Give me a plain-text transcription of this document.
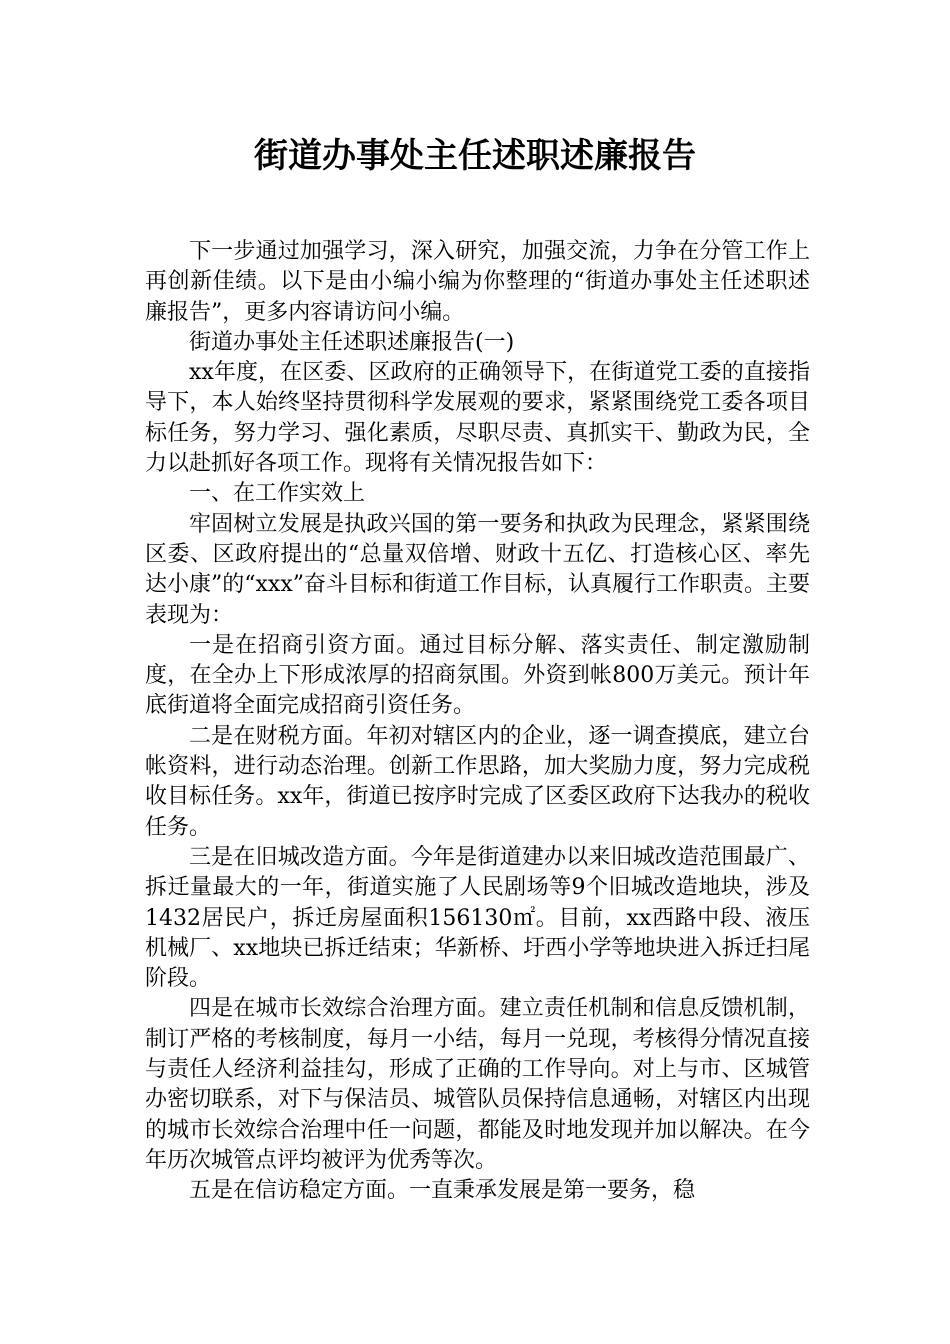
街道办事处主任述职述廉报告

下一步通过加强学习，深入研究，加强交流，力争在分管工作上再创新佳绩。以下是由小编小编为你整理的“街道办事处主任述职述廉报告”，更多内容请访问小编。

街道办事处主任述职述廉报告(一)

xx年度，在区委、区政府的正确领导下，在街道党工委的直接指导下，本人始终坚持贯彻科学发展观的要求，紧紧围绕党工委各项目标任务，努力学习、强化素质，尽职尽责、真抓实干、勤政为民，全力以赴抓好各项工作。现将有关情况报告如下：

一、在工作实效上

牢固树立发展是执政兴国的第一要务和执政为民理念，紧紧围绕区委、区政府提出的“总量双倍增、财政十五亿、打造核心区、率先达小康”的“xxx”奋斗目标和街道工作目标，认真履行工作职责。主要表现为：

一是在招商引资方面。通过目标分解、落实责任、制定激励制度，在全办上下形成浓厚的招商氛围。外资到帐800万美元。预计年底街道将全面完成招商引资任务。

二是在财税方面。年初对辖区内的企业，逐一调查摸底，建立台帐资料，进行动态治理。创新工作思路，加大奖励力度，努力完成税收目标任务。xx年，街道已按序时完成了区委区政府下达我办的税收任务。

三是在旧城改造方面。今年是街道建办以来旧城改造范围最广、拆迁量最大的一年，街道实施了人民剧场等9个旧城改造地块，涉及1432居民户，拆迁房屋面积156130㎡。目前，xx西路中段、液压机械厂、xx地块已拆迁结束；华新桥、圩西小学等地块进入拆迁扫尾阶段。

四是在城市长效综合治理方面。建立责任机制和信息反馈机制，制订严格的考核制度，每月一小结，每月一兑现，考核得分情况直接与责任人经济利益挂勾，形成了正确的工作导向。对上与市、区城管办密切联系，对下与保洁员、城管队员保持信息通畅，对辖区内出现的城市长效综合治理中任一问题，都能及时地发现并加以解决。在今年历次城管点评均被评为优秀等次。

五是在信访稳定方面。一直秉承发展是第一要务，稳
